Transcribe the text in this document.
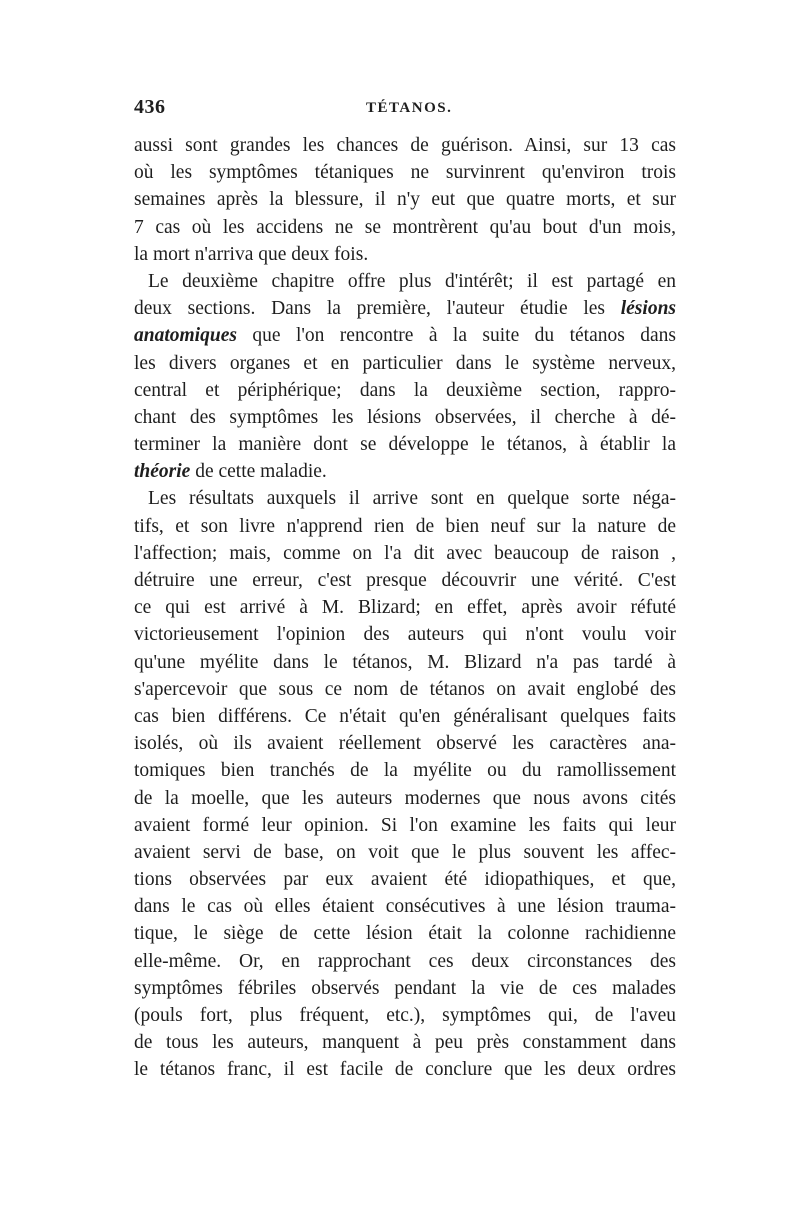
436	TÉTANOS.
aussi sont grandes les chances de guérison. Ainsi, sur 13 cas
où les symptômes tétaniques ne survinrent qu'environ trois
semaines après la blessure, il n'y eut que quatre morts, et sur
7 cas où les accidens ne se montrèrent qu'au bout d'un mois,
la mort n'arriva que deux fois.
Le deuxième chapitre offre plus d'intérêt; il est partagé en
deux sections. Dans la première, l'auteur étudie les lésions
anatomiques que l'on rencontre à la suite du tétanos dans
les divers organes et en particulier dans le système nerveux,
central et périphérique; dans la deuxième section, rappro-
chant des symptômes les lésions observées, il cherche à dé-
terminer la manière dont se développe le tétanos, à établir la
théorie de cette maladie.
Les résultats auxquels il arrive sont en quelque sorte néga-
tifs, et son livre n'apprend rien de bien neuf sur la nature de
l'affection; mais, comme on l'a dit avec beaucoup de raison ,
détruire une erreur, c'est presque découvrir une vérité. C'est
ce qui est arrivé à M. Blizard; en effet, après avoir réfuté
victorieusement l'opinion des auteurs qui n'ont voulu voir
qu'une myélite dans le tétanos, M. Blizard n'a pas tardé à
s'apercevoir que sous ce nom de tétanos on avait englobé des
cas bien différens. Ce n'était qu'en généralisant quelques faits
isolés, où ils avaient réellement observé les caractères ana-
tomiques bien tranchés de la myélite ou du ramollissement
de la moelle, que les auteurs modernes que nous avons cités
avaient formé leur opinion. Si l'on examine les faits qui leur
avaient servi de base, on voit que le plus souvent les affec-
tions observées par eux avaient été idiopathiques, et que,
dans le cas où elles étaient consécutives à une lésion trauma-
tique, le siège de cette lésion était la colonne rachidienne
elle-même. Or, en rapprochant ces deux circonstances des
symptômes fébriles observés pendant la vie de ces malades
(pouls fort, plus fréquent, etc.), symptômes qui, de l'aveu
de tous les auteurs, manquent à peu près constamment dans
le tétanos franc, il est facile de conclure que les deux ordres
